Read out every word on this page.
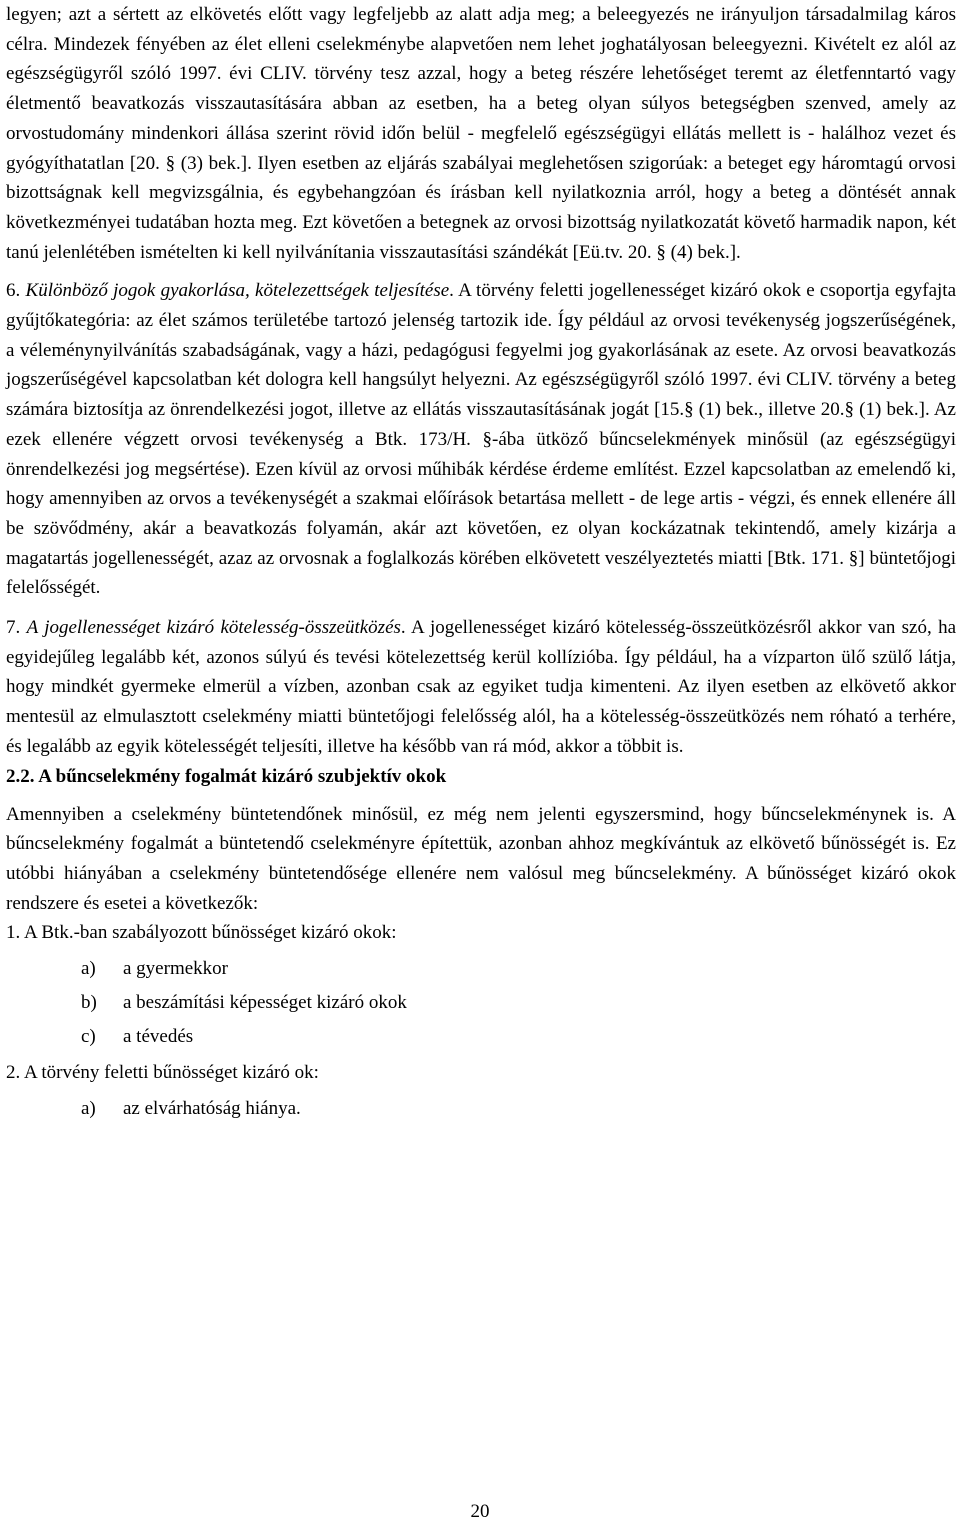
legyen; azt a sértett az elkövetés előtt vagy legfeljebb az alatt adja meg; a beleegyezés ne irányuljon társadalmilag káros célra. Mindezek fényében az élet elleni cselekménybe alapvetően nem lehet joghatályosan beleegyezni. Kivételt ez alól az egészségügyről szóló 1997. évi CLIV. törvény tesz azzal, hogy a beteg részére lehetőséget teremt az életfenntartó vagy életmentő beavatkozás visszautasítására abban az esetben, ha a beteg olyan súlyos betegségben szenved, amely az orvostudomány mindenkori állása szerint rövid időn belül - megfelelő egészségügyi ellátás mellett is - halálhoz vezet és gyógyíthatatlan [20. § (3) bek.]. Ilyen esetben az eljárás szabályai meglehetősen szigorúak: a beteget egy háromtagú orvosi bizottságnak kell megvizsgálnia, és egybehangzóan és írásban kell nyilatkoznia arról, hogy a beteg a döntését annak következményei tudatában hozta meg. Ezt követően a betegnek az orvosi bizottság nyilatkozatát követő harmadik napon, két tanú jelenlétében ismételten ki kell nyilvánítania visszautasítási szándékát [Eü.tv. 20. § (4) bek.].

6. Különböző jogok gyakorlása, kötelezettségek teljesítése. A törvény feletti jogellenességet kizáró okok e csoportja egyfajta gyűjtőkategória: az élet számos területébe tartozó jelenség tartozik ide. Így például az orvosi tevékenység jogszerűségének, a véleménynyilvánítás szabadságának, vagy a házi, pedagógusi fegyelmi jog gyakorlásának az esete. Az orvosi beavatkozás jogszerűségével kapcsolatban két dologra kell hangsúlyt helyezni. Az egészségügyről szóló 1997. évi CLIV. törvény a beteg számára biztosítja az önrendelkezési jogot, illetve az ellátás visszautasításának jogát [15.§ (1) bek., illetve 20.§ (1) bek.]. Az ezek ellenére végzett orvosi tevékenység a Btk. 173/H. §-ába ütköző bűncselekmények minősül (az egészségügyi önrendelkezési jog megsértése). Ezen kívül az orvosi műhibák kérdése érdeme említést. Ezzel kapcsolatban az emelendő ki, hogy amennyiben az orvos a tevékenységét a szakmai előírások betartása mellett - de lege artis - végzi, és ennek ellenére áll be szövődmény, akár a beavatkozás folyamán, akár azt követően, ez olyan kockázatnak tekintendő, amely kizárja a magatartás jogellenességét, azaz az orvosnak a foglalkozás körében elkövetett veszélyeztetés miatti [Btk. 171. §] büntetőjogi felelősségét.

7. A jogellenességet kizáró kötelesség-összeütközés. A jogellenességet kizáró kötelesség-összeütközésről akkor van szó, ha egyidejűleg legalább két, azonos súlyú és tevési kötelezettség kerül kollízióba. Így például, ha a vízparton ülő szülő látja, hogy mindkét gyermeke elmerül a vízben, azonban csak az egyiket tudja kimenteni. Az ilyen esetben az elkövető akkor mentesül az elmulasztott cselekmény miatti büntetőjogi felelősség alól, ha a kötelesség-összeütközés nem róható a terhére, és legalább az egyik kötelességét teljesíti, illetve ha később van rá mód, akkor a többit is.

2.2. A bűncselekmény fogalmát kizáró szubjektív okok

Amennyiben a cselekmény büntetendőnek minősül, ez még nem jelenti egyszersmind, hogy bűncselekménynek is. A bűncselekmény fogalmát a büntetendő cselekményre építettük, azonban ahhoz megkívántuk az elkövető bűnösségét is. Ez utóbbi hiányában a cselekmény büntetendősége ellenére nem valósul meg bűncselekmény. A bűnösséget kizáró okok rendszere és esetei a következők:

1. A Btk.-ban szabályozott bűnösséget kizáró okok:

a) a gyermekkor
b) a beszámítási képességet kizáró okok
c) a tévedés

2. A törvény feletti bűnösséget kizáró ok:

a) az elvárhatóság hiánya.
20
